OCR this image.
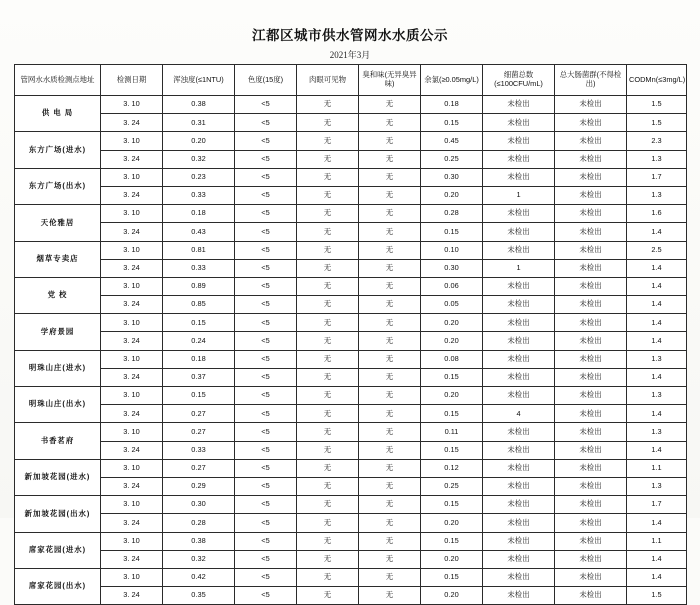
江都区城市供水管网水水质公示
2021年3月
管网水水质检测点地址	检测日期	浑浊度(≤1NTU)	色度(15度)	肉眼可见物	臭和味(无异臭异味)	余氯(≥0.05mg/L)	细菌总数(≤100CFU/mL)	总大肠菌群(不得检出)	CODMn(≤3mg/L)
供 电 局	3. 10	0.38	<5	无	无	0.18	未检出	未检出	1.5
	3. 24	0.31	<5	无	无	0.15	未检出	未检出	1.5
东方广场(进水)	3. 10	0.20	<5	无	无	0.45	未检出	未检出	2.3
	3. 24	0.32	<5	无	无	0.25	未检出	未检出	1.3
东方广场(出水)	3. 10	0.23	<5	无	无	0.30	未检出	未检出	1.7
	3. 24	0.33	<5	无	无	0.20	1	未检出	1.3
天伦雅居	3. 10	0.18	<5	无	无	0.28	未检出	未检出	1.6
	3. 24	0.43	<5	无	无	0.15	未检出	未检出	1.4
烟草专卖店	3. 10	0.81	<5	无	无	0.10	未检出	未检出	2.5
	3. 24	0.33	<5	无	无	0.30	1	未检出	1.4
党 校	3. 10	0.89	<5	无	无	0.06	未检出	未检出	1.4
	3. 24	0.85	<5	无	无	0.05	未检出	未检出	1.4
学府景园	3. 10	0.15	<5	无	无	0.20	未检出	未检出	1.4
	3. 24	0.24	<5	无	无	0.20	未检出	未检出	1.4
明珠山庄(进水)	3. 10	0.18	<5	无	无	0.08	未检出	未检出	1.3
	3. 24	0.37	<5	无	无	0.15	未检出	未检出	1.4
明珠山庄(出水)	3. 10	0.15	<5	无	无	0.20	未检出	未检出	1.3
	3. 24	0.27	<5	无	无	0.15	4	未检出	1.4
书香茗府	3. 10	0.27	<5	无	无	0.11	未检出	未检出	1.3
	3. 24	0.33	<5	无	无	0.15	未检出	未检出	1.4
新加坡花园(进水)	3. 10	0.27	<5	无	无	0.12	未检出	未检出	1.1
	3. 24	0.29	<5	无	无	0.25	未检出	未检出	1.3
新加坡花园(出水)	3. 10	0.30	<5	无	无	0.15	未检出	未检出	1.7
	3. 24	0.28	<5	无	无	0.20	未检出	未检出	1.4
席家花园(进水)	3. 10	0.38	<5	无	无	0.15	未检出	未检出	1.1
	3. 24	0.32	<5	无	无	0.20	未检出	未检出	1.4
席家花园(出水)	3. 10	0.42	<5	无	无	0.15	未检出	未检出	1.4
	3. 24	0.35	<5	无	无	0.20	未检出	未检出	1.5
